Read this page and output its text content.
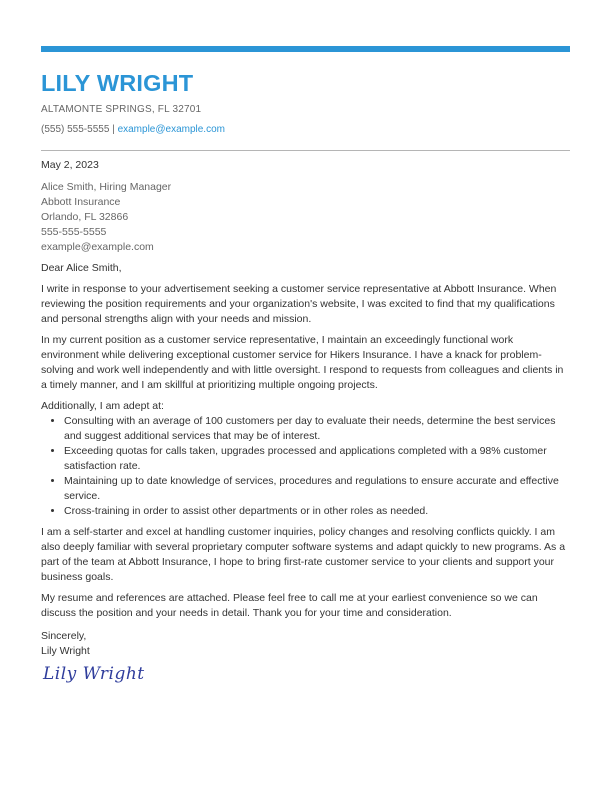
LILY WRIGHT
ALTAMONTE SPRINGS, FL 32701
(555) 555-5555 | example@example.com
May 2, 2023
Alice Smith, Hiring Manager
Abbott Insurance
Orlando, FL 32866
555-555-5555
example@example.com

Dear Alice Smith,

I write in response to your advertisement seeking a customer service representative at Abbott Insurance. When reviewing the position requirements and your organization's website, I was excited to find that my qualifications and personal strengths align with your needs and mission.

In my current position as a customer service representative, I maintain an exceedingly functional work environment while delivering exceptional customer service for Hikers Insurance. I have a knack for problem-solving and work well independently and with little oversight. I respond to requests from colleagues and clients in a timely manner, and I am skillful at prioritizing multiple ongoing projects.

Additionally, I am adept at:

• Consulting with an average of 100 customers per day to evaluate their needs, determine the best services and suggest additional services that may be of interest.
• Exceeding quotas for calls taken, upgrades processed and applications completed with a 98% customer satisfaction rate.
• Maintaining up to date knowledge of services, procedures and regulations to ensure accurate and effective service.
• Cross-training in order to assist other departments or in other roles as needed.

I am a self-starter and excel at handling customer inquiries, policy changes and resolving conflicts quickly. I am also deeply familiar with several proprietary computer software systems and adapt quickly to new programs. As a part of the team at Abbott Insurance, I hope to bring first-rate customer service to your clients and support your business goals.

My resume and references are attached. Please feel free to call me at your earliest convenience so we can discuss the position and your needs in detail. Thank you for your time and consideration.

Sincerely,
Lily Wright
Lily Wright
